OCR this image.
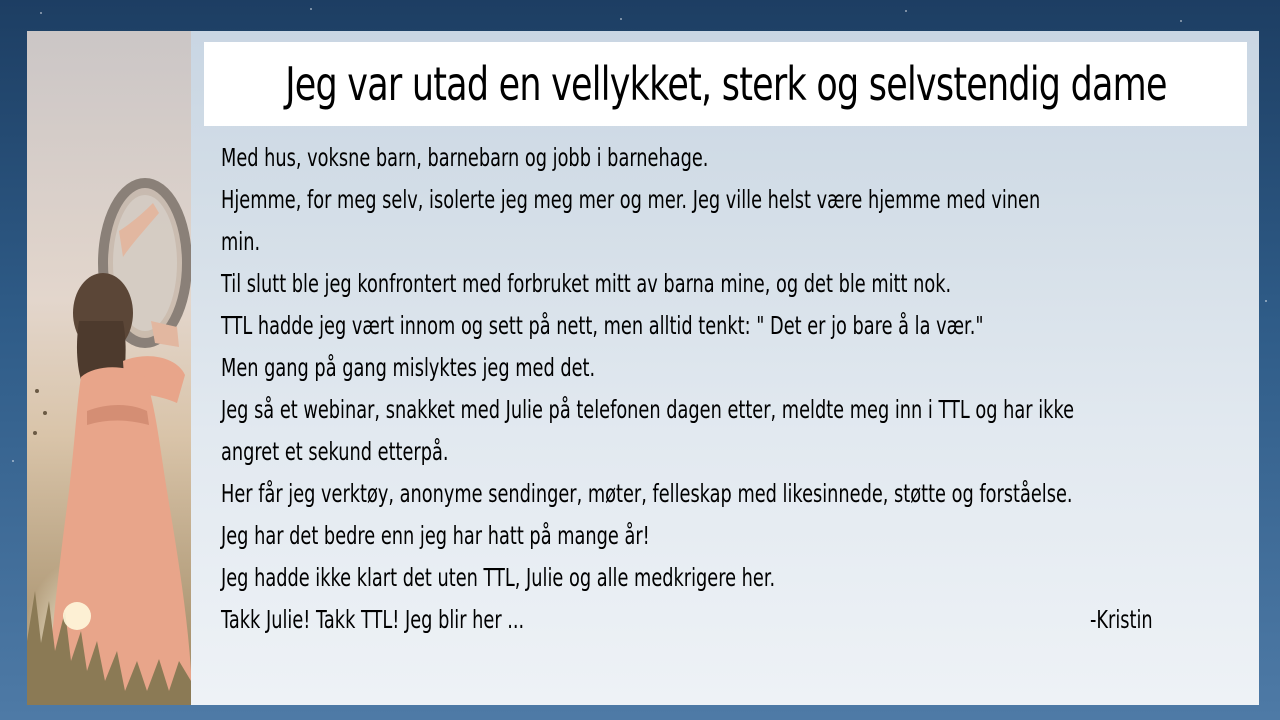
Jeg var utad en vellykket, sterk og selvstendig dame
Med hus, voksne barn, barnebarn og jobb i barnehage.
Hjemme, for meg selv, isolerte jeg meg mer og mer. Jeg ville helst være hjemme med vinen
min.
Til slutt ble jeg konfrontert med forbruket mitt av barna mine, og det ble mitt nok.
TTL hadde jeg vært innom og sett på nett, men alltid tenkt: " Det er jo bare å la vær."
Men gang på gang mislyktes jeg med det.
Jeg så et webinar, snakket med Julie på telefonen dagen etter, meldte meg inn i TTL og har ikke
angret et sekund etterpå.
Her får jeg verktøy, anonyme sendinger, møter, felleskap med likesinnede, støtte og forståelse.
Jeg har det bedre enn jeg har hatt på mange år!
Jeg hadde ikke klart det uten TTL, Julie og alle medkrigere her.
Takk Julie! Takk TTL! Jeg blir her ...	-Kristin
